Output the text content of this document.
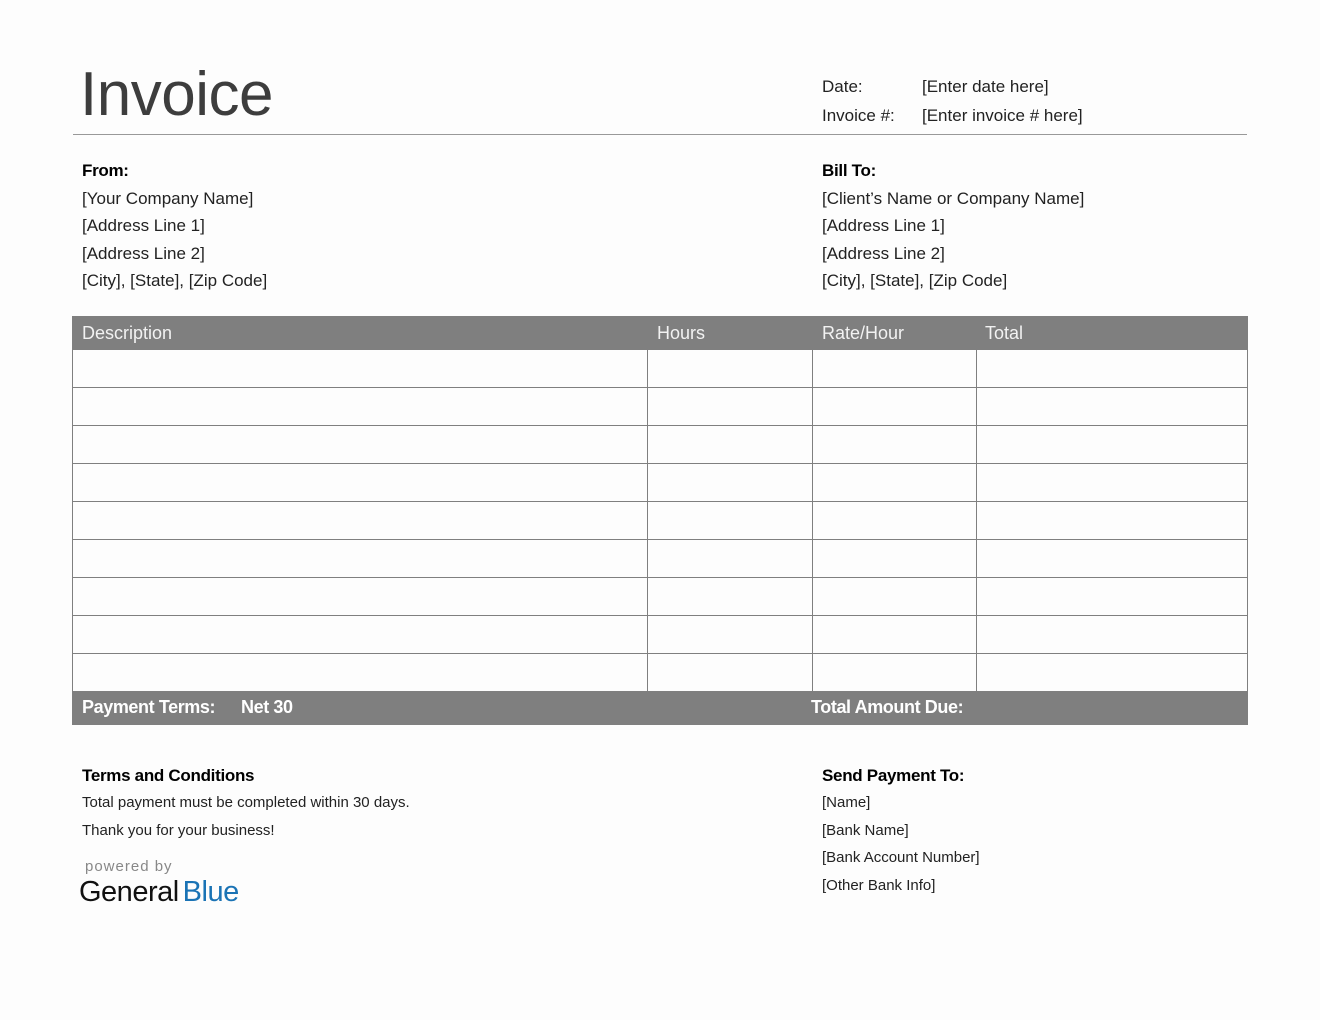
Invoice	Date:	[Enter date here]
Invoice #: [Enter invoice # here]
From:
[Your Company Name]
[Address Line 1]
[Address Line 2]
[City], [State], [Zip Code]
Bill To:
[Client’s Name or Company Name]
[Address Line 1]
[Address Line 2]
[City], [State], [Zip Code]
Description	Hours	Rate/Hour	Total
Payment Terms: Net 30	Total Amount Due:
Terms and Conditions
Total payment must be completed within 30 days.
Thank you for your business!
Send Payment To:
[Name]
[Bank Name]
[Bank Account Number]
[Other Bank Info]
powered by
General Blue
